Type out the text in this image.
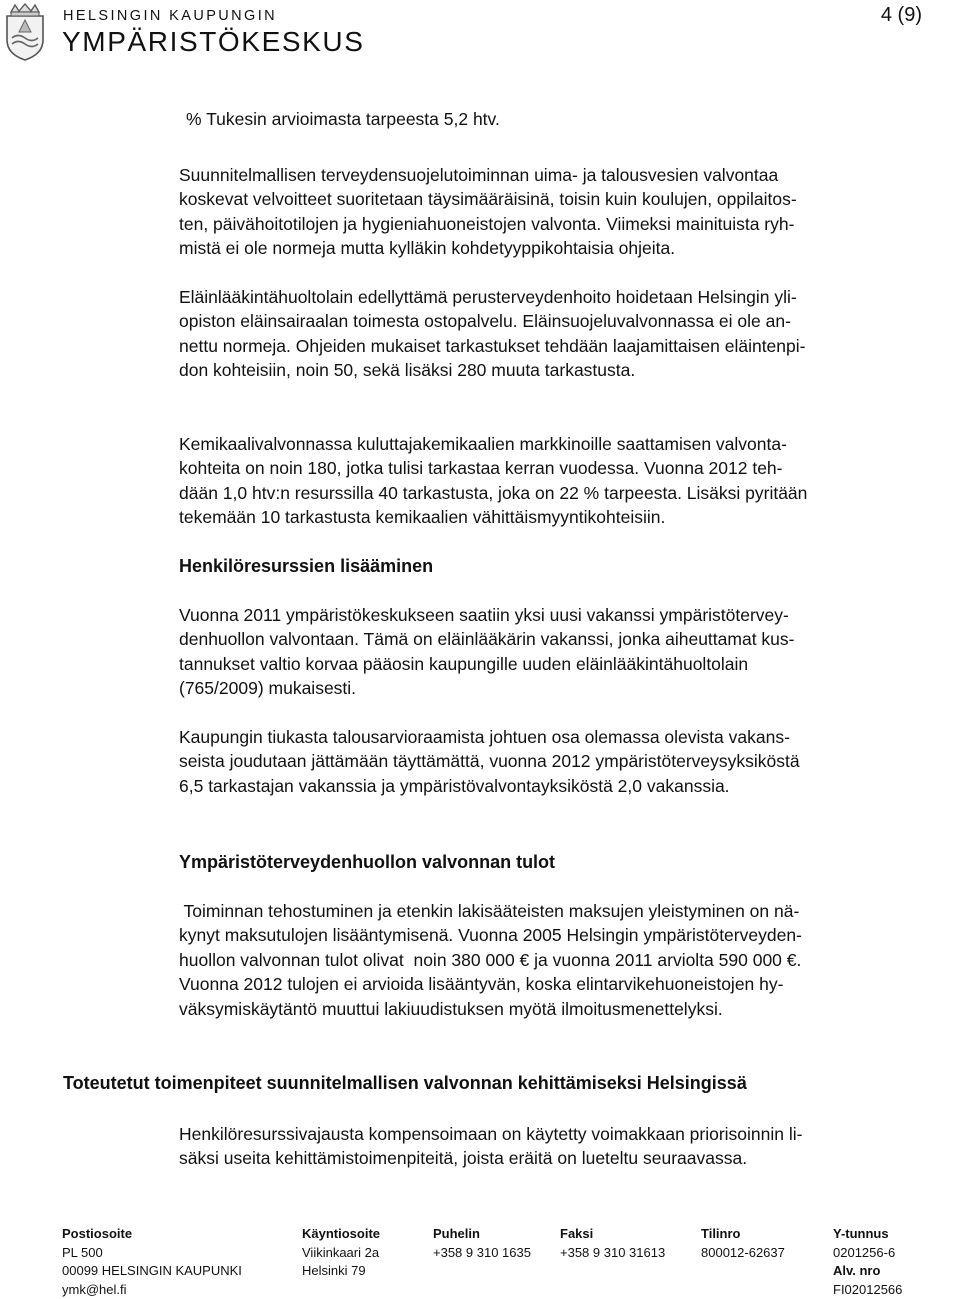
HELSINGIN KAUPUNGIN
YMPÄRISTÖKESKUS
4 (9)
% Tukesin arvioimasta tarpeesta 5,2 htv.
Suunnitelmallisen terveydensuojelutoiminnan uima- ja talousvesien valvontaa
koskevat velvoitteet suoritetaan täysimääräisinä, toisin kuin koulujen, oppilaitos-
ten, päivähoitotilojen ja hygieniahuoneistojen valvonta. Viimeksi mainituista ryh-
mistä ei ole normeja mutta kylläkin kohdetyyppikohtaisia ohjeita.
Eläinlääkintähuoltolain edellyttämä perusterveydenhoito hoidetaan Helsingin yli-
opiston eläinsairaalan toimesta ostopalvelu. Eläinsuojeluvalvonnassa ei ole an-
nettu normeja. Ohjeiden mukaiset tarkastukset tehdään laajamittaisen eläintenpi-
don kohteisiin, noin 50, sekä lisäksi 280 muuta tarkastusta.
Kemikaalivalvonnassa kuluttajakemikaalien markkinoille saattamisen valvonta-
kohteita on noin 180, jotka tulisi tarkastaa kerran vuodessa. Vuonna 2012 teh-
dään 1,0 htv:n resurssilla 40 tarkastusta, joka on 22 % tarpeesta. Lisäksi pyritään
tekemään 10 tarkastusta kemikaalien vähittäismyyntikohteisiin.
Henkilöresurssien lisääminen
Vuonna 2011 ympäristökeskukseen saatiin yksi uusi vakanssi ympäristötervey-
denhuollon valvontaan. Tämä on eläinlääkärin vakanssi, jonka aiheuttamat kus-
tannukset valtio korvaa pääosin kaupungille uuden eläinlääkintähuoltolain
(765/2009) mukaisesti.
Kaupungin tiukasta talousarvioraamista johtuen osa olemassa olevista vakans-
seista joudutaan jättämään täyttämättä, vuonna 2012 ympäristöterveysyksiköstä
6,5 tarkastajan vakanssia ja ympäristövalvontayksiköstä 2,0 vakanssia.
Ympäristöterveydenhuollon valvonnan tulot
Toiminnan tehostuminen ja etenkin lakisääteisten maksujen yleistyminen on nä-
kynyt maksutulojen lisääntymisenä. Vuonna 2005 Helsingin ympäristöterveyden-
huollon valvonnan tulot olivat  noin 380 000 € ja vuonna 2011 arviolta 590 000 €.
Vuonna 2012 tulojen ei arvioida lisääntyvän, koska elintarvikehuoneistojen hy-
väksymiskäytäntö muuttui lakiuudistuksen myötä ilmoitusmenettelyksi.
Toteutetut toimenpiteet suunnitelmallisen valvonnan kehittämiseksi Helsingissä
Henkilöresurssivajausta kompensoimaan on käytetty voimakkaan priorisoinnin li-
säksi useita kehittämistoimenpiteitä, joista eräitä on lueteltu seuraavassa.
Postiosoite
PL 500
00099 HELSINGIN KAUPUNKI
ymk@hel.fi
Käyntiosoite
Viikinkaari 2a
Helsinki 79
Puhelin
+358 9 310 1635
Faksi
+358 9 310 31613
Tilinro
800012-62637
Y-tunnus
0201256-6
Alv. nro
FI02012566
